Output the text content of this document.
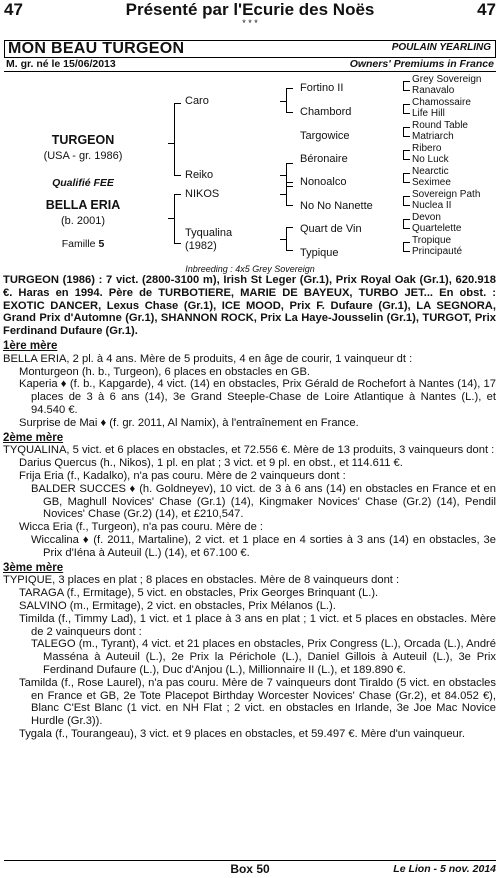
47	Présenté par l'Ecurie des Noës	47
* * *
MON BEAU TURGEON	POULAIN YEARLING
M. gr. né le 15/06/2013	Owners' Premiums in France
TURGEON
(USA - gr. 1986)
Qualifié FEE
BELLA ERIA
(b. 2001)
Famille 5
Caro
Reiko
NIKOS
Tyqualina
(1982)
Fortino II
Chambord
Targowice
Béronaire
Nonoalco
No No Nanette
Quart de Vin
Typique
Grey Sovereign
Ranavalo
Chamossaire
Life Hill
Round Table
Matriarch
Ribero
No Luck
Nearctic
Seximee
Sovereign Path
Nuclea II
Devon
Quartelette
Tropique
Principauté
Inbreeding : 4x5 Grey Sovereign

TURGEON (1986) : 7 vict. (2800-3100 m), Irish St Leger (Gr.1), Prix Royal Oak (Gr.1), 620.918 €. Haras en 1994. Père de TURBOTIERE, MARIE DE BAYEUX, TURBO JET... En obst. : EXOTIC DANCER, Lexus Chase (Gr.1), ICE MOOD, Prix F. Dufaure (Gr.1), LA SEGNORA, Grand Prix d'Automne (Gr.1), SHANNON ROCK, Prix La Haye-Jousselin (Gr.1), TURGOT, Prix Ferdinand Dufaure (Gr.1).

1ère mère

BELLA ERIA, 2 pl. à 4 ans. Mère de 5 produits, 4 en âge de courir, 1 vainqueur dt :

Monturgeon (h. b., Turgeon), 6 places en obstacles en GB.

Kaperia ♦ (f. b., Kapgarde), 4 vict. (14) en obstacles, Prix Gérald de Rochefort à Nantes (14), 17 places de 3 à 6 ans (14), 3e Grand Steeple-Chase de Loire Atlantique à Nantes (L.), et 94.540 €.

Surprise de Mai ♦ (f. gr. 2011, Al Namix), à l'entraînement en France.

2ème mère

TYQUALINA, 5 vict. et 6 places en obstacles, et 72.556 €. Mère de 13 produits, 3 vainqueurs dont :

Darius Quercus (h., Nikos), 1 pl. en plat ; 3 vict. et 9 pl. en obst., et 114.611 €.

Frija Eria (f., Kadalko), n'a pas couru. Mère de 2 vainqueurs dont :

BALDER SUCCES ♦ (h. Goldneyev), 10 vict. de 3 à 6 ans (14) en obstacles en France et en GB, Maghull Novices' Chase (Gr.1) (14), Kingmaker Novices' Chase (Gr.2) (14), Pendil Novices' Chase (Gr.2) (14), et £210,547.

Wicca Eria (f., Turgeon), n'a pas couru. Mère de :

Wiccalina ♦ (f. 2011, Martaline), 2 vict. et 1 place en 4 sorties à 3 ans (14) en obstacles, 3e Prix d'Iéna à Auteuil (L.) (14), et 67.100 €.

3ème mère

TYPIQUE, 3 places en plat ; 8 places en obstacles. Mère de 8 vainqueurs dont :

TARAGA (f., Ermitage), 5 vict. en obstacles, Prix Georges Brinquant (L.).

SALVINO (m., Ermitage), 2 vict. en obstacles, Prix Mélanos (L.).

Timilda (f., Timmy Lad), 1 vict. et 1 place à 3 ans en plat ; 1 vict. et 5 places en obstacles. Mère de 2 vainqueurs dont :

TALEGO (m., Tyrant), 4 vict. et 21 places en obstacles, Prix Congress (L.), Orcada (L.), André Masséna à Auteuil (L.), 2e Prix la Périchole (L.), Daniel Gillois à Auteuil (L.), 3e Prix Ferdinand Dufaure (L.), Duc d'Anjou (L.), Millionnaire II (L.), et 189.890 €.

Tamilda (f., Rose Laurel), n'a pas couru. Mère de 7 vainqueurs dont Tiraldo (5 vict. en obstacles en France et GB, 2e Tote Placepot Birthday Worcester Novices' Chase (Gr.2), et 84.052 €), Blanc C'Est Blanc (1 vict. en NH Flat ; 2 vict. en obstacles en Irlande, 3e Joe Mac Novice Hurdle (Gr.3)).

Tygala (f., Tourangeau), 3 vict. et 9 places en obstacles, et 59.497 €. Mère d'un vainqueur.

Box 50	Le Lion - 5 nov. 2014
